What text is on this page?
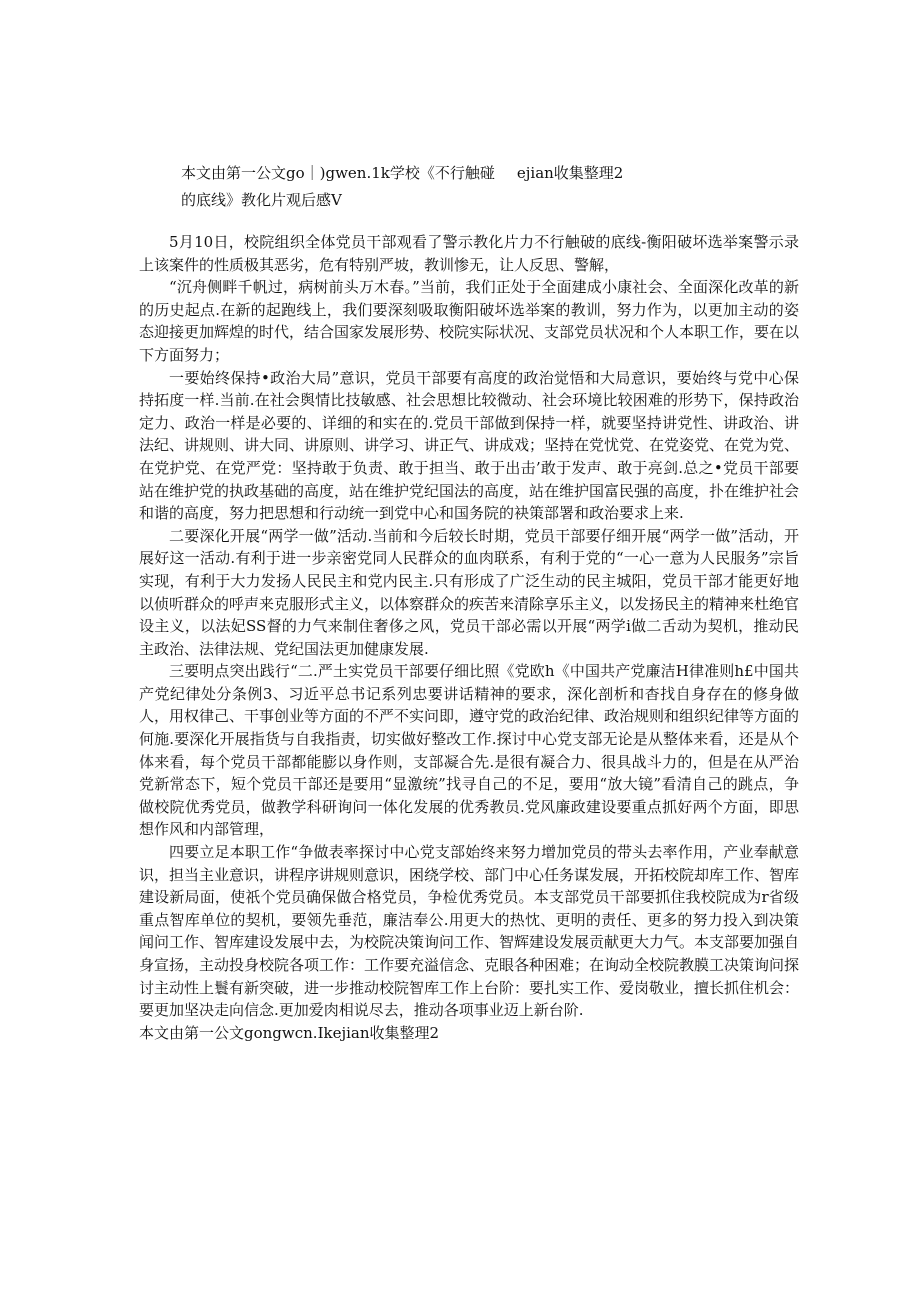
本文由第一公文go｜)gwen.1k学校《不行触碰 ejian收集整理2
的底线》教化片观后感V

5月10日，校院组织全体党员干部观看了警示教化片力不行触破的底线-衡阳破坏选举案警示录上该案件的性质极其恶劣，危有特别严坡，教训惨无，让人反思、警解，

“沉舟侧畔千帆过，病树前头万木春。”当前，我们正处于全面建成小康社会、全面深化改革的新的历史起点.在新的起跑线上，我们要深刻吸取衡阳破坏选举案的教训，努力作为，以更加主动的姿态迎接更加辉煌的时代，结合国家发展形势、校院实际状况、支部党员状况和个人本职工作，要在以下方面努力；

一要始终保持•政治大局”意识，党员干部要有高度的政治觉悟和大局意识，要始终与党中心保持拓度一样.当前.在社会舆情比技敏感、社会思想比较微动、社会环境比较困难的形势下，保持政治定力、政治一样是必要的、详细的和实在的.党员干部做到保持一样，就要坚持讲党性、讲政治、讲法纪、讲规则、讲大同、讲原则、讲学习、讲正气、讲成戏；坚持在党忧党、在党姿党、在党为党、在党护党、在党严党：坚持敢于负责、敢于担当、敢于出击’敢于发声、敢于亮剑.总之•党员干部要站在维护党的执政基础的高度，站在维护党纪国法的高度，站在维护国富民强的高度，扑在维护社会和谐的高度，努力把思想和行动统一到党中心和国务院的袂策部署和政治要求上来.

二要深化开展“两学一做”活动.当前和今后较长时期，党员干部要仔细开展“两学一做”活动，开展好这一活动.有利于进一步亲密党同人民群众的血肉联系，有利于党的“一心一意为人民服务”宗旨实现，有利于大力发扬人民民主和党内民主.只有形成了广泛生动的民主城阳，党员干部才能更好地以侦听群众的呼声来克服形式主义，以体察群众的疾苦来清除享乐主义，以发扬民主的精神来杜绝官设主义，以法妃SS督的力气来制住奢侈之风，党员干部必需以开展“两学i做二舌动为契机，推动民主政治、法律法规、党纪国法更加健康发展.

三要明点突出践行“二.严土实党员干部要仔细比照《党欧h《中国共产党廉洁H律准则h£中国共产党纪律处分条例3、习近平总书记系列忠要讲话精神的要求，深化剖析和杳找自身存在的修身做人，用权律己、干事创业等方面的不严不实问即，遵守党的政治纪律、政治规则和组织纪律等方面的何施.要深化开展指货与自我指责，切实做好整改工作.探讨中心党支部无论是从整体来看，还是从个体来看，每个党员干部都能膨以身作则，支部凝合先.是很有凝合力、很具战斗力的，但是在从严治党新常态下，短个党员干部还是要用“显激统”找寻自己的不足，要用“放大镜”看清自己的跳点，争做校院优秀党员，做教学科研询问一体化发展的优秀教员.党风廉政建设要重点抓好两个方面，即思想作风和内部管理，

四要立足本职工作“争做表率探讨中心党支部始终来努力增加党员的带头去率作用，产业奉献意识，担当主业意识，讲程序讲规则意识，困绕学校、部门中心任务谋发展，开拓校院却库工作、智库建设新局面，使祇个党员确保做合格党员，争检优秀党员。本支部党员干部要抓住我校院成为r省级重点智库单位的契机，要领先垂范，廉洁奉公.用更大的热忱、更明的责任、更多的努力投入到决策闻问工作、智库建设发展中去，为校院决策询问工作、智辉建设发展贡献更大力气。本支部要加强自身宣扬，主动投身校院各项工作：工作要充溢信念、克眼各种困难；在询动全校院教膜工决策询问探讨主动性上鬟有新突破，进一步推动校院智库工作上台阶：要扎实工作、爱岗敬业，擅长抓住机会：要更加坚决走向信念.更加爱肉相说尽去，推动各项事业迈上新台阶.

本文由第一公文gongwcn.Ikejian收集整理2
